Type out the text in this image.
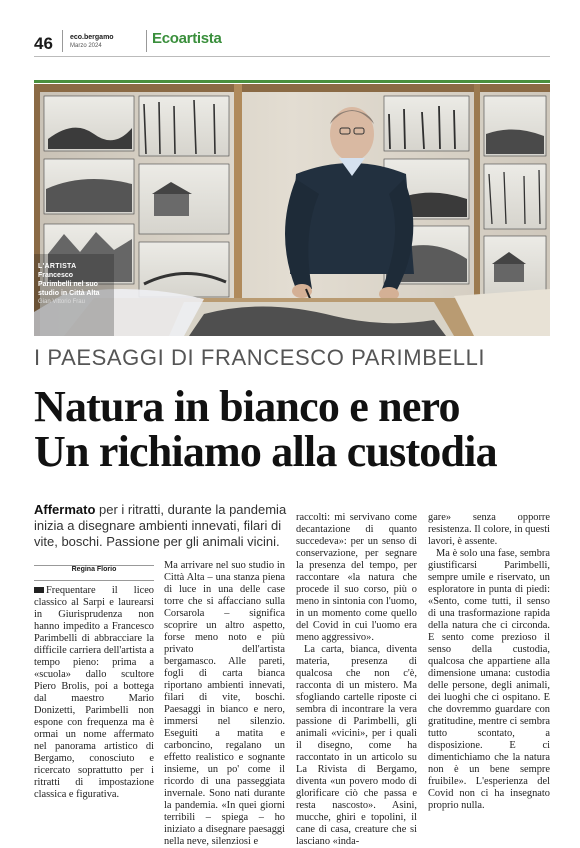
46 eco.bergamo
Marzo 2024	Ecoartista
L'ARTISTA
Francesco Parimbelli nel suo studio in Città Alta
Gian Vittorio Frau
I PAESAGGI DI FRANCESCO PARIMBELLI
Natura in bianco e nero
Un richiamo alla custodia
Affermato per i ritratti, durante la pandemia inizia a disegnare ambienti innevati, filari di vite, boschi. Passione per gli animali vicini.
Regina Florio

Frequentare il liceo classico al Sarpi e laurearsi in Giurisprudenza non hanno impedito a Francesco Parimbelli di abbracciare la difficile carriera dell'artista a tempo pieno: prima a «scuola» dallo scultore Piero Brolis, poi a bottega dal maestro Mario Donizetti, Parimbelli non espone con frequenza ma è ormai un nome affermato nel panorama artistico di Bergamo, conosciuto e ricercato soprattutto per i ritratti di impostazione classica e figurativa.

Ma arrivare nel suo studio in Città Alta – una stanza piena di luce in una delle case torre che si affacciano sulla Corsarola – significa scoprire un altro aspetto, forse meno noto e più privato dell'artista bergamasco. Alle pareti, fogli di carta bianca riportano ambienti innevati, filari di vite, boschi. Paesaggi in bianco e nero, immersi nel silenzio. Eseguiti a matita e carboncino, regalano un effetto realistico e sognante insieme, un po' come il ricordo di una passeggiata invernale. Sono nati durante la pandemia. «In quei giorni terribili – spiega – ho iniziato a disegnare paesaggi nella neve, silenziosi e

raccolti: mi servivano come decantazione di quanto succedeva»: per un senso di conservazione, per segnare la presenza del tempo, per raccontare «la natura che procede il suo corso, più o meno in sintonia con l'uomo, in un momento come quello del Covid in cui l'uomo era meno aggressivo».

La carta, bianca, diventa materia, presenza di qualcosa che non c'è, racconta di un mistero. Ma sfogliando cartelle riposte ci sembra di incontrare la vera passione di Parimbelli, gli animali «vicini», per i quali il disegno, come ha raccontato in un articolo su La Rivista di Bergamo, diventa «un povero modo di glorificare ciò che passa e resta nascosto». Asini, mucche, ghiri e topolini, il cane di casa, creature che si lasciano «inda-

gare» senza opporre resistenza. Il colore, in questi lavori, è assente.

Ma è solo una fase, sembra giustificarsi Parimbelli, sempre umile e riservato, un esploratore in punta di piedi: «Sento, come tutti, il senso di una trasformazione rapida della natura che ci circonda. E sento come prezioso il senso della custodia, qualcosa che appartiene alla dimensione umana: custodia delle persone, degli animali, dei luoghi che ci ospitano. E che dovremmo guardare con gratitudine, mentre ci sembra tutto scontato, a disposizione. E ci dimentichiamo che la natura non è un bene sempre fruibile». L'esperienza del Covid non ci ha insegnato proprio nulla.
